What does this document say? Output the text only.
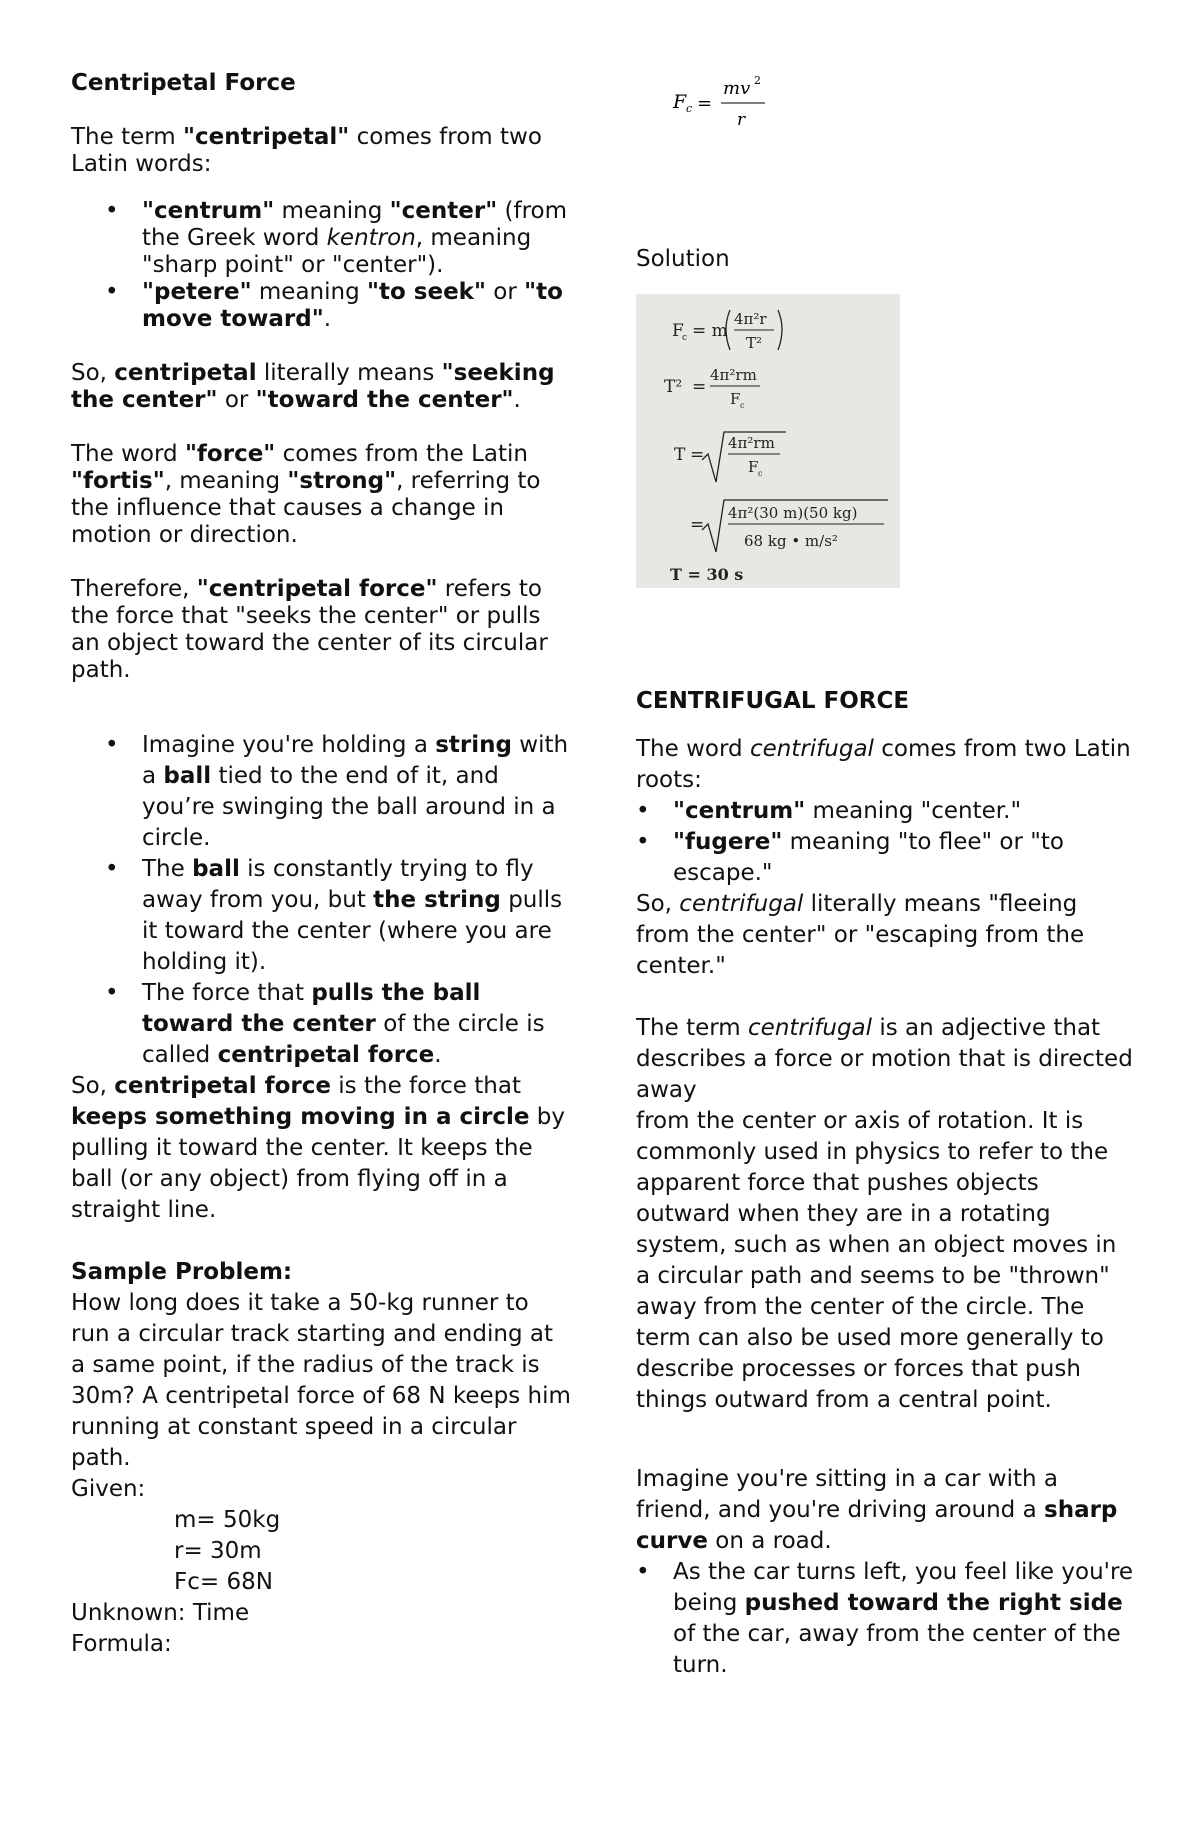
Centripetal Force

The term "centripetal" comes from two Latin words:

• "centrum" meaning "center" (from the Greek word kentron, meaning "sharp point" or "center").
• "petere" meaning "to seek" or "to move toward".

So, centripetal literally means "seeking the center" or "toward the center".

The word "force" comes from the Latin "fortis", meaning "strong", referring to the influence that causes a change in motion or direction.

Therefore, "centripetal force" refers to the force that "seeks the center" or pulls an object toward the center of its circular path.

• Imagine you're holding a string with a ball tied to the end of it, and you’re swinging the ball around in a circle.
• The ball is constantly trying to fly away from you, but the string pulls it toward the center (where you are holding it).
• The force that pulls the ball toward the center of the circle is called centripetal force.

So, centripetal force is the force that keeps something moving in a circle by pulling it toward the center. It keeps the ball (or any object) from flying off in a straight line.

Sample Problem:

How long does it take a 50-kg runner to run a circular track starting and ending at a same point, if the radius of the track is 30m? A centripetal force of 68 N keeps him running at constant speed in a circular path.

Given:

m= 50kg

r= 30m

Fc= 68N

Unknown: Time

Formula:

F c =
mv 2
r

Solution

CENTRIFUGAL FORCE

The word centrifugal comes from two Latin roots:

• "centrum" meaning "center."
• "fugere" meaning "to flee" or "to escape."

So, centrifugal literally means "fleeing from the center" or "escaping from the center."

The term centrifugal is an adjective that describes a force or motion that is directed away
from the center or axis of rotation. It is commonly used in physics to refer to the apparent force that pushes objects outward when they are in a rotating system, such as when an object moves in a circular path and seems to be "thrown" away from the center of the circle. The term can also be used more generally to describe processes or forces that push things outward from a central point.

Imagine you're sitting in a car with a friend, and you're driving around a sharp curve on a road.

• As the car turns left, you feel like you're being pushed toward the right side of the car, away from the center of the turn.
F
c = m
4π²r
T²
T² =
4π²rm
F c
T =
4π²rm
F c
=
4π²(30 m)(50 kg)
68 kg • m/s²
T = 30 s
